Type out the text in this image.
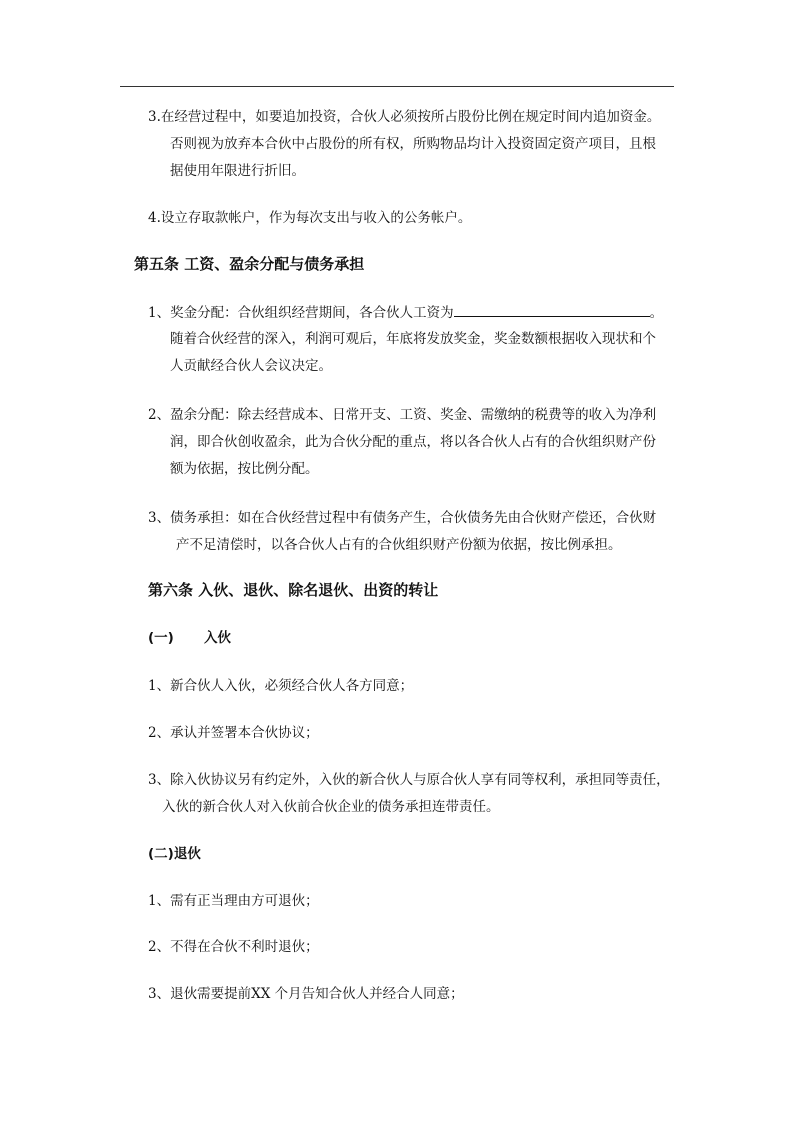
3.在经营过程中，如要追加投资，合伙人必须按所占股份比例在规定时间内追加资金。
否则视为放弃本合伙中占股份的所有权，所购物品均计入投资固定资产项目，且根
据使用年限进行折旧。
4.设立存取款帐户，作为每次支出与收入的公务帐户。
第五条 工资、盈余分配与债务承担
1、奖金分配：合伙组织经营期间，各合伙人工资为	。
随着合伙经营的深入，利润可观后，年底将发放奖金，奖金数额根据收入现状和个
人贡献经合伙人会议决定。
2、盈余分配：除去经营成本、日常开支、工资、奖金、需缴纳的税费等的收入为净利
润，即合伙创收盈余，此为合伙分配的重点，将以各合伙人占有的合伙组织财产份
额为依据，按比例分配。
3、债务承担：如在合伙经营过程中有债务产生，合伙债务先由合伙财产偿还，合伙财
产不足清偿时，以各合伙人占有的合伙组织财产份额为依据，按比例承担。
第六条 入伙、退伙、除名退伙、出资的转让
(一) 入伙
1、新合伙人入伙，必须经合伙人各方同意；
2、承认并签署本合伙协议；
3、除入伙协议另有约定外，入伙的新合伙人与原合伙人享有同等权利，承担同等责任，
入伙的新合伙人对入伙前合伙企业的债务承担连带责任。
(二)退伙
1、需有正当理由方可退伙；
2、不得在合伙不利时退伙；
3、退伙需要提前XX 个月告知合伙人并经合人同意；
